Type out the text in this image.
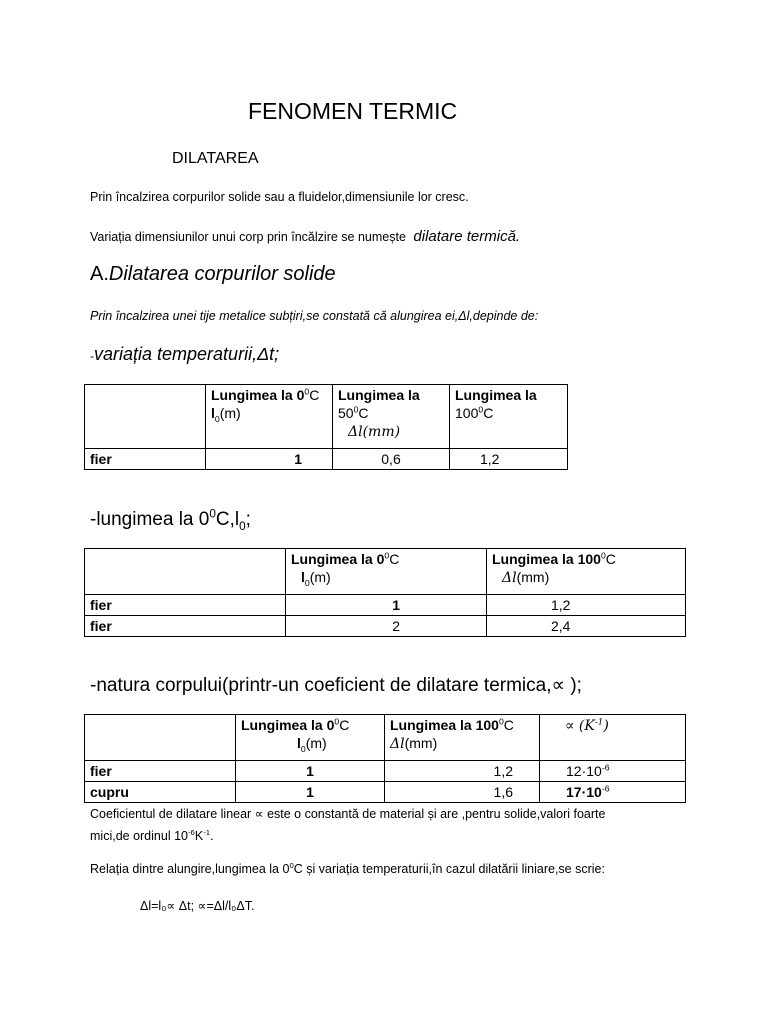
FENOMEN TERMIC
DILATAREA
Prin încalzirea corpurilor solide sau a fluidelor,dimensiunile lor cresc.
Variația dimensiunilor unui corp prin încălzire se numește dilatare termică.
A.Dilatarea corpurilor solide
Prin încalzirea unei tije metalice subțiri,se constată că alungirea ei,Δl,depinde de:
-variația temperaturii,Δt;
	Lungimea la $0^0C$
$l_0(m)$	Lungimea la
$50^0C$
Δl(mm)	Lungimea la
$100^0C$
fier	1	0,6	1,2
-lungimea la $0^0C,l_0$;
	Lungimea la $0^0C$
$l_0(m)$	Lungimea la $100^0C$
Δl(mm)
fier	1	1,2
fier	2	2,4
-natura corpului(printr-un coeficient de dilatare termica,∝ );
	Lungimea la $0^0C$
$l_0(m)$	Lungimea la $100^0C$
Δl(mm)	∝ $(K^{-1})$
fier	1	1,2	$12\cdot 10^{-6}$
cupru	1	1,6	$17\cdot 10^{-6}$
Coeficientul de dilatare linear ∝ este o constantă de material și are ,pentru solide,valori foarte
mici,de ordinul $10^{-6}K^{-1}$.
Relația dintre alungire,lungimea la $0^0C$ și variația temperaturii,în cazul dilatării liniare,se scrie:
Δl=l₀∝ Δt; ∝=Δl/l₀ΔT.
